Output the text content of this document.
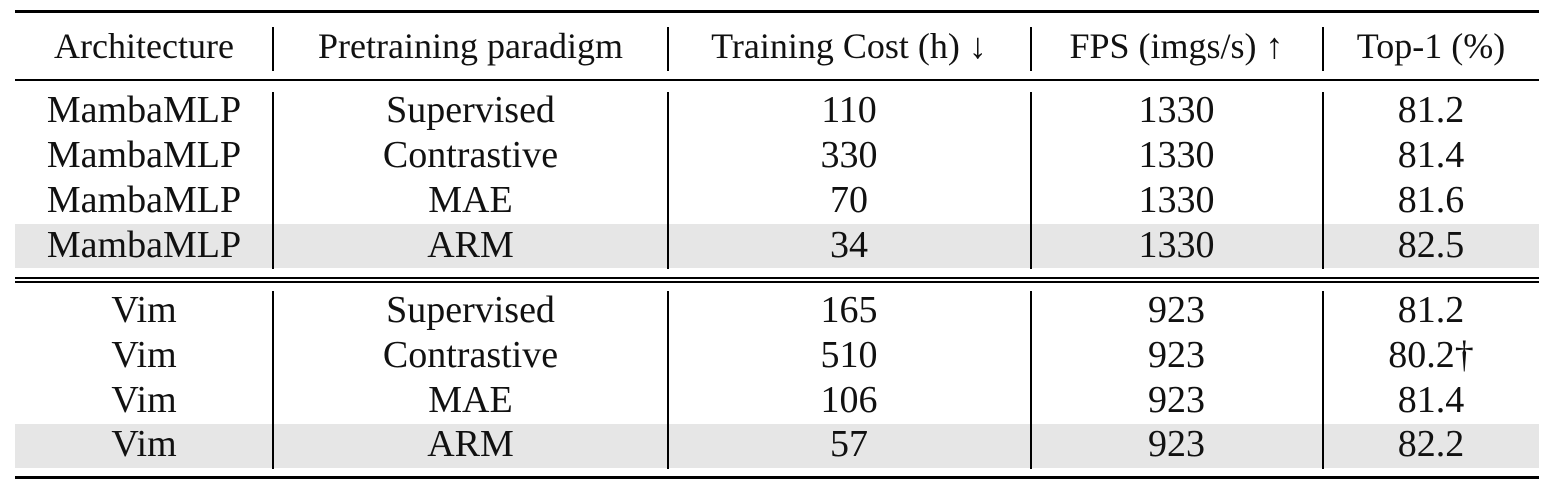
Architecture	Pretraining paradigm	Training Cost (h) ↓	FPS (imgs/s) ↑	Top-1 (%)
MambaMLP	Supervised	110	1330	81.2
MambaMLP	Contrastive	330	1330	81.4
MambaMLP	MAE	70	1330	81.6
MambaMLP	ARM	34	1330	82.5
Vim	Supervised	165	923	81.2
Vim	Contrastive	510	923	80.2†
Vim	MAE	106	923	81.4
Vim	ARM	57	923	82.2
